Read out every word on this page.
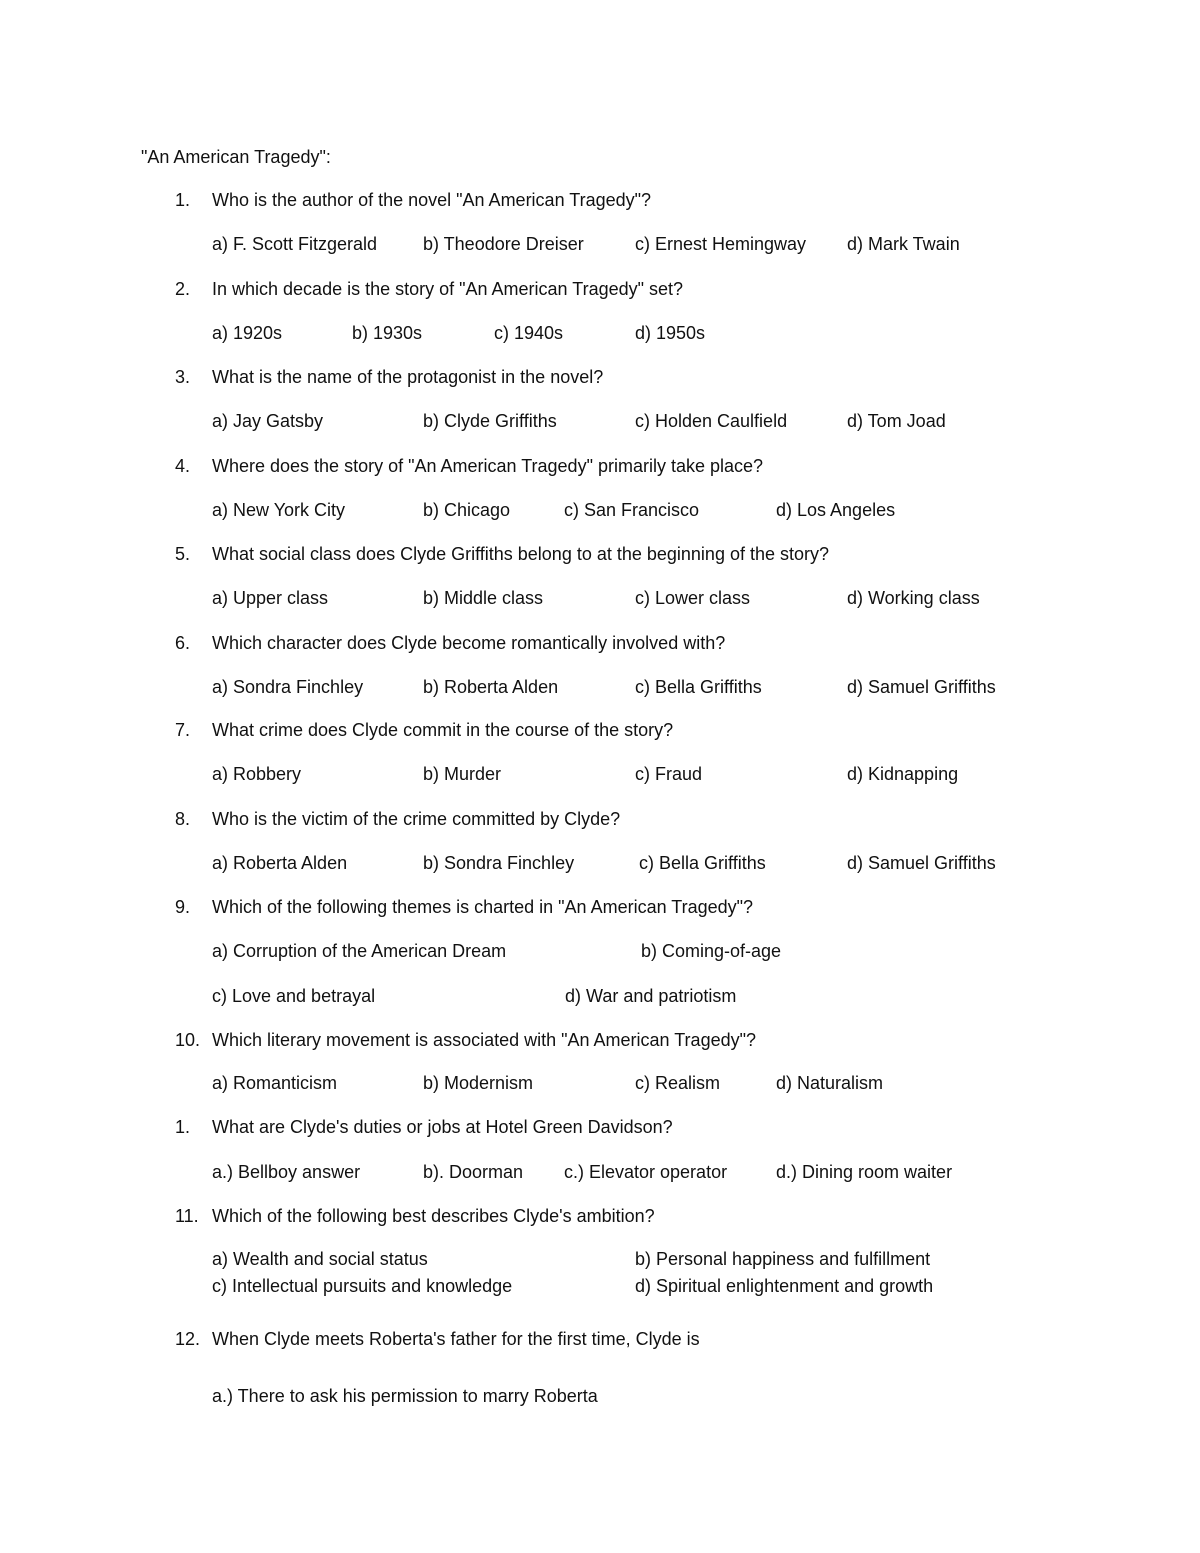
"An American Tragedy":
1. Who is the author of the novel "An American Tragedy"?
a) F. Scott Fitzgerald	b) Theodore Dreiser	c) Ernest Hemingway d) Mark Twain
2. In which decade is the story of "An American Tragedy" set?
a) 1920s	b) 1930s	c) 1940s	d) 1950s
3. What is the name of the protagonist in the novel?
a) Jay Gatsby	b) Clyde Griffiths	c) Holden Caulfield	d) Tom Joad
4. Where does the story of "An American Tragedy" primarily take place?
a) New York City	b) Chicago	c) San Francisco	d) Los Angeles
5. What social class does Clyde Griffiths belong to at the beginning of the story?
a) Upper class	b) Middle class	c) Lower class	d) Working class
6. Which character does Clyde become romantically involved with?
a) Sondra Finchley	b) Roberta Alden	c) Bella Griffiths	d) Samuel Griffiths
7. What crime does Clyde commit in the course of the story?
a) Robbery	b) Murder	c) Fraud	d) Kidnapping
8. Who is the victim of the crime committed by Clyde?
a) Roberta Alden	b) Sondra Finchley	c) Bella Griffiths	d) Samuel Griffiths
9. Which of the following themes is charted in "An American Tragedy"?
a) Corruption of the American Dream	b) Coming-of-age
c) Love and betrayal	d) War and patriotism
10. Which literary movement is associated with "An American Tragedy"?
a) Romanticism	b) Modernism	c) Realism	d) Naturalism
1. What are Clyde's duties or jobs at Hotel Green Davidson?
a.) Bellboy answer	b). Doorman c.) Elevator operator	d.) Dining room waiter
11. Which of the following best describes Clyde's ambition?
a) Wealth and social status	b) Personal happiness and fulfillment
c) Intellectual pursuits and knowledge	d) Spiritual enlightenment and growth
12. When Clyde meets Roberta's father for the first time, Clyde is
a.) There to ask his permission to marry Roberta
